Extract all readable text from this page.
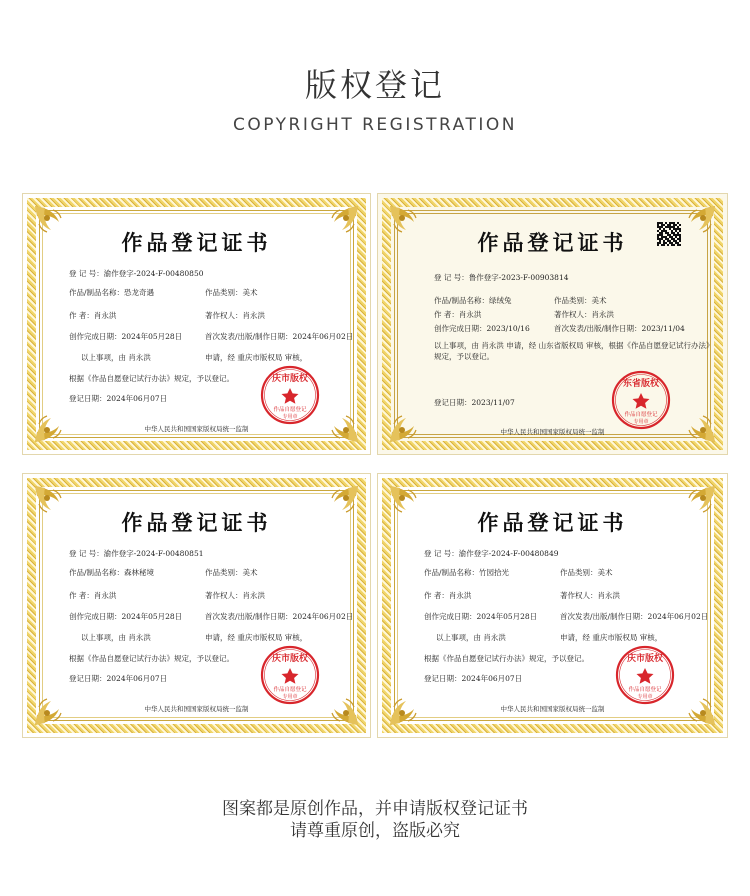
版权登记
COPYRIGHT REGISTRATION
作品登记证书
登 记 号：渝作登字-2024-F-00480850
作品/制品名称：恐龙奇遇	作品类别：美术
作 者：肖永洪	著作权人：肖永洪
创作完成日期：2024年05月28日	首次发表/出版/制作日期：2024年06月02日
以上事项，由 肖永洪	申请，经 重庆市版权局 审核，
根据《作品自愿登记试行办法》规定，予以登记。
登记日期：2024年06月07日
中华人民共和国国家版权局统一监制
庆市版权
作品自愿登记
专用章
作品登记证书
登 记 号：鲁作登字-2023-F-00903814
作品/制品名称：绿绒兔	作品类别：美术
作 者：肖永洪	著作权人：肖永洪
创作完成日期：2023/10/16	首次发表/出版/制作日期：2023/11/04
以上事项，由 肖永洪 申请，经 山东省版权局 审核，根据《作品自愿登记试行办法》
规定，予以登记。
登记日期：2023/11/07
中华人民共和国国家版权局统一监制
东省版权
作品自愿登记
专用章
作品登记证书
登 记 号：渝作登字-2024-F-00480851
作品/制品名称：森林秘境	作品类别：美术
作 者：肖永洪	著作权人：肖永洪
创作完成日期：2024年05月28日	首次发表/出版/制作日期：2024年06月02日
以上事项，由 肖永洪	申请，经 重庆市版权局 审核，
根据《作品自愿登记试行办法》规定，予以登记。
登记日期：2024年06月07日
中华人民共和国国家版权局统一监制
庆市版权
作品自愿登记
专用章
作品登记证书
登 记 号：渝作登字-2024-F-00480849
作品/制品名称：竹园拾光	作品类别：美术
作 者：肖永洪	著作权人：肖永洪
创作完成日期：2024年05月28日	首次发表/出版/制作日期：2024年06月02日
以上事项，由 肖永洪	申请，经 重庆市版权局 审核，
根据《作品自愿登记试行办法》规定，予以登记。
登记日期：2024年06月07日
中华人民共和国国家版权局统一监制
庆市版权
作品自愿登记
专用章
图案都是原创作品，并申请版权登记证书
请尊重原创，盗版必究
